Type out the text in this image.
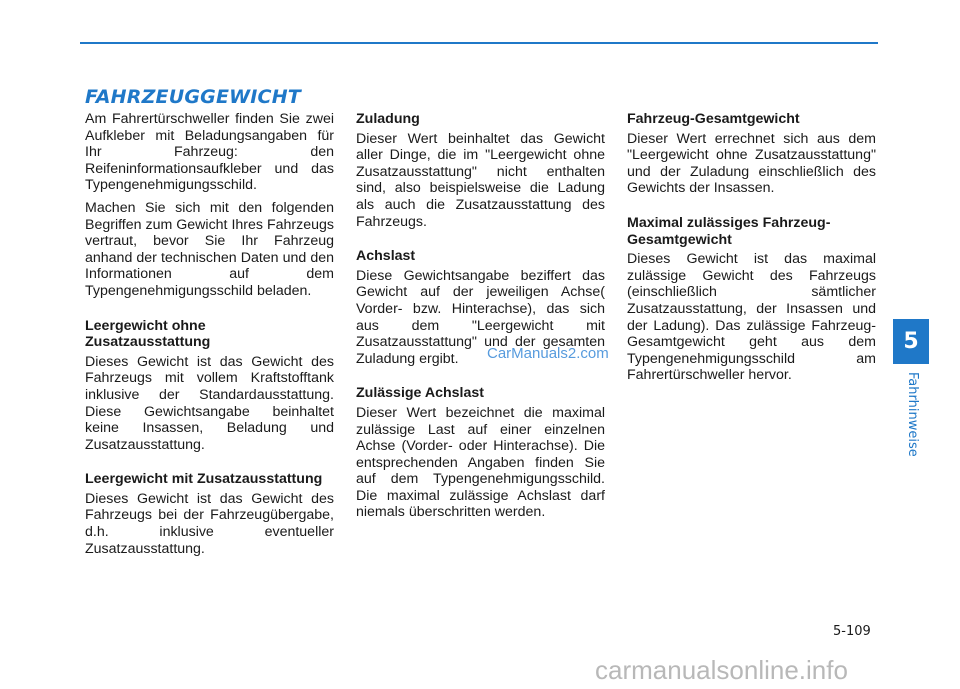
FAHRZEUGGEWICHT

Am Fahrertürschweller finden Sie zwei Aufkleber mit Beladungsangaben für Ihr Fahrzeug: den Reifeninformationsaufkleber und das Typengenehmigungsschild.

Machen Sie sich mit den folgenden Begriffen zum Gewicht Ihres Fahrzeugs vertraut, bevor Sie Ihr Fahrzeug anhand der technischen Daten und den Informationen auf dem Typengenehmigungsschild beladen.

Leergewicht ohne Zusatzausstattung

Dieses Gewicht ist das Gewicht des Fahrzeugs mit vollem Kraftstofftank inklusive der Standardausstattung. Diese Gewichtsangabe beinhaltet keine Insassen, Beladung und Zusatzausstattung.

Leergewicht mit Zusatzausstattung

Dieses Gewicht ist das Gewicht des Fahrzeugs bei der Fahrzeugübergabe, d.h. inklusive eventueller Zusatzausstattung.

Zuladung

Dieser Wert beinhaltet das Gewicht aller Dinge, die im "Leergewicht ohne Zusatzausstattung" nicht enthalten sind, also beispielsweise die Ladung als auch die Zusatzausstattung des Fahrzeugs.

Achslast

Diese Gewichtsangabe beziffert das Gewicht auf der jeweiligen Achse( Vorder- bzw. Hinterachse), das sich aus dem "Leergewicht mit Zusatzausstattung" und der gesamten Zuladung ergibt.

Zulässige Achslast

Dieser Wert bezeichnet die maximal zulässige Last auf einer einzelnen Achse (Vorder- oder Hinterachse). Die entsprechenden Angaben finden Sie auf dem Typengenehmigungsschild. Die maximal zulässige Achslast darf niemals überschritten werden.

Fahrzeug-Gesamtgewicht

Dieser Wert errechnet sich aus dem "Leergewicht ohne Zusatzausstattung" und der Zuladung einschließlich des Gewichts der Insassen.

Maximal zulässiges Fahrzeug-Gesamtgewicht

Dieses Gewicht ist das maximal zulässige Gewicht des Fahrzeugs (einschließlich sämtlicher Zusatzausstattung, der Insassen und der Ladung). Das zulässige Fahrzeug-Gesamtgewicht geht aus dem Typengenehmigungsschild am Fahrertürschweller hervor.

5
Fahrhinweise
5-109
CarManuals2.com
carmanualsonline.info
